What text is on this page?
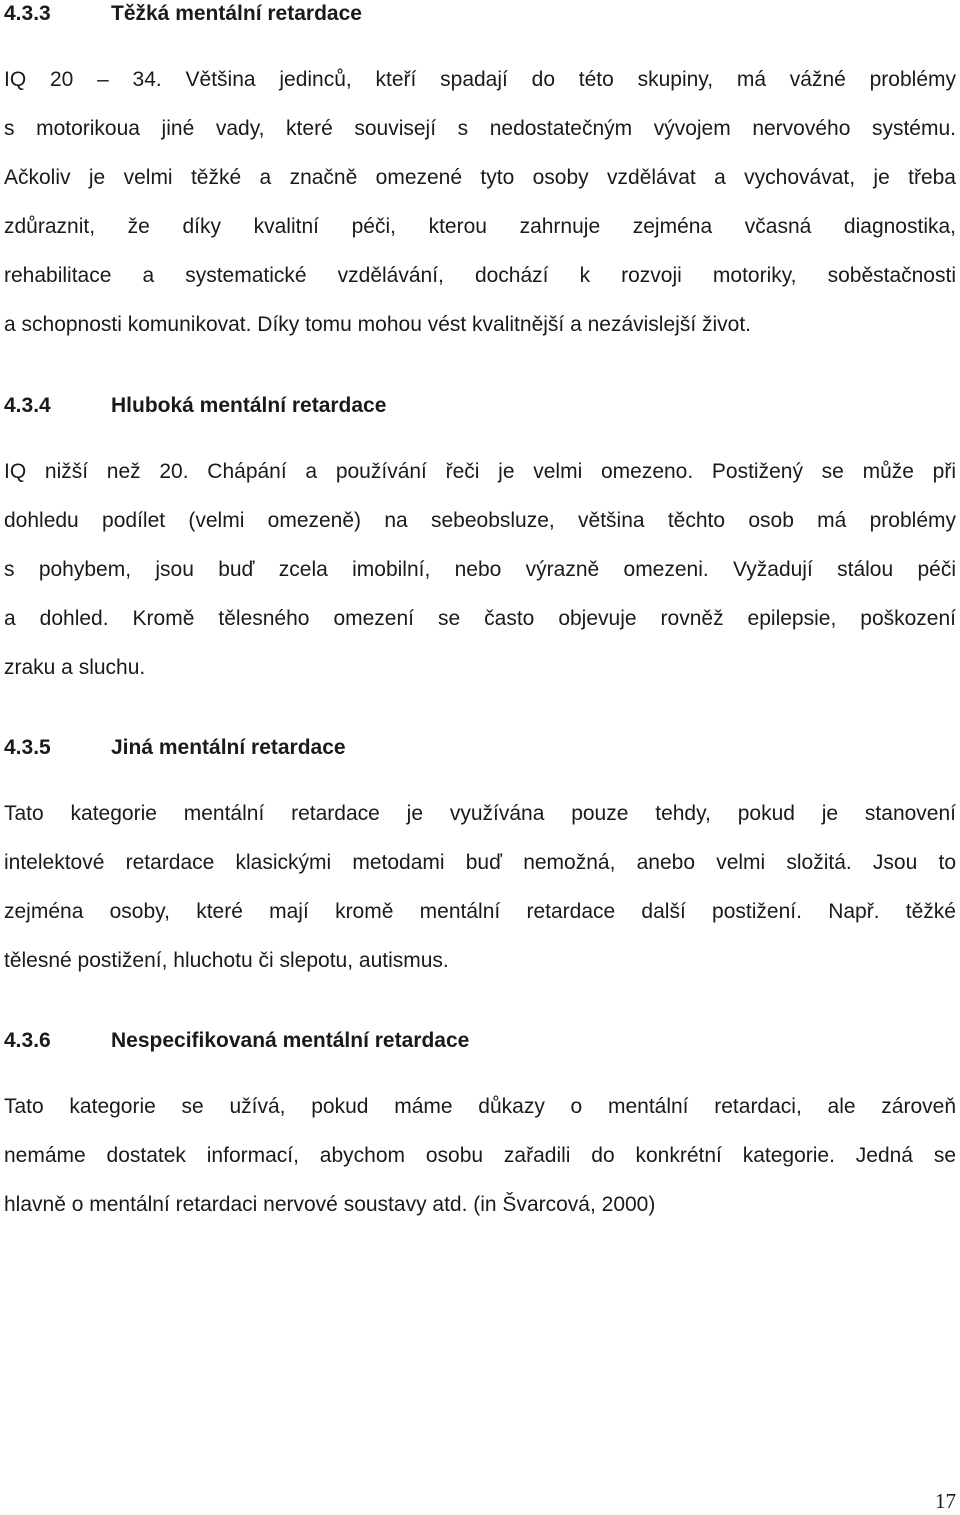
4.3.3	Těžká mentální retardace
IQ 20 – 34. Většina jedinců, kteří spadají do této skupiny, má vážné problémy
s motorikoua jiné vady, které souvisejí s nedostatečným vývojem nervového systému.
Ačkoliv je velmi těžké a značně omezené tyto osoby vzdělávat a vychovávat, je třeba
zdůraznit, že díky kvalitní péči, kterou zahrnuje zejména včasná diagnostika,
rehabilitace a systematické vzdělávání, dochází k rozvoji motoriky, soběstačnosti
a schopnosti komunikovat. Díky tomu mohou vést kvalitnější a nezávislejší život.
4.3.4	Hluboká mentální retardace
IQ nižší než 20. Chápání a používání řeči je velmi omezeno. Postižený se může při
dohledu podílet (velmi omezeně) na sebeobsluze, většina těchto osob má problémy
s pohybem, jsou buď zcela imobilní, nebo výrazně omezeni. Vyžadují stálou péči
a dohled. Kromě tělesného omezení se často objevuje rovněž epilepsie, poškození
zraku a sluchu.
4.3.5	Jiná mentální retardace
Tato kategorie mentální retardace je využívána pouze tehdy, pokud je stanovení
intelektové retardace klasickými metodami buď nemožná, anebo velmi složitá. Jsou to
zejména osoby, které mají kromě mentální retardace další postižení. Např. těžké
tělesné postižení, hluchotu či slepotu, autismus.
4.3.6	Nespecifikovaná mentální retardace
Tato kategorie se užívá, pokud máme důkazy o mentální retardaci, ale zároveň
nemáme dostatek informací, abychom osobu zařadili do konkrétní kategorie. Jedná se
hlavně o mentální retardaci nervové soustavy atd. (in Švarcová, 2000)
17
